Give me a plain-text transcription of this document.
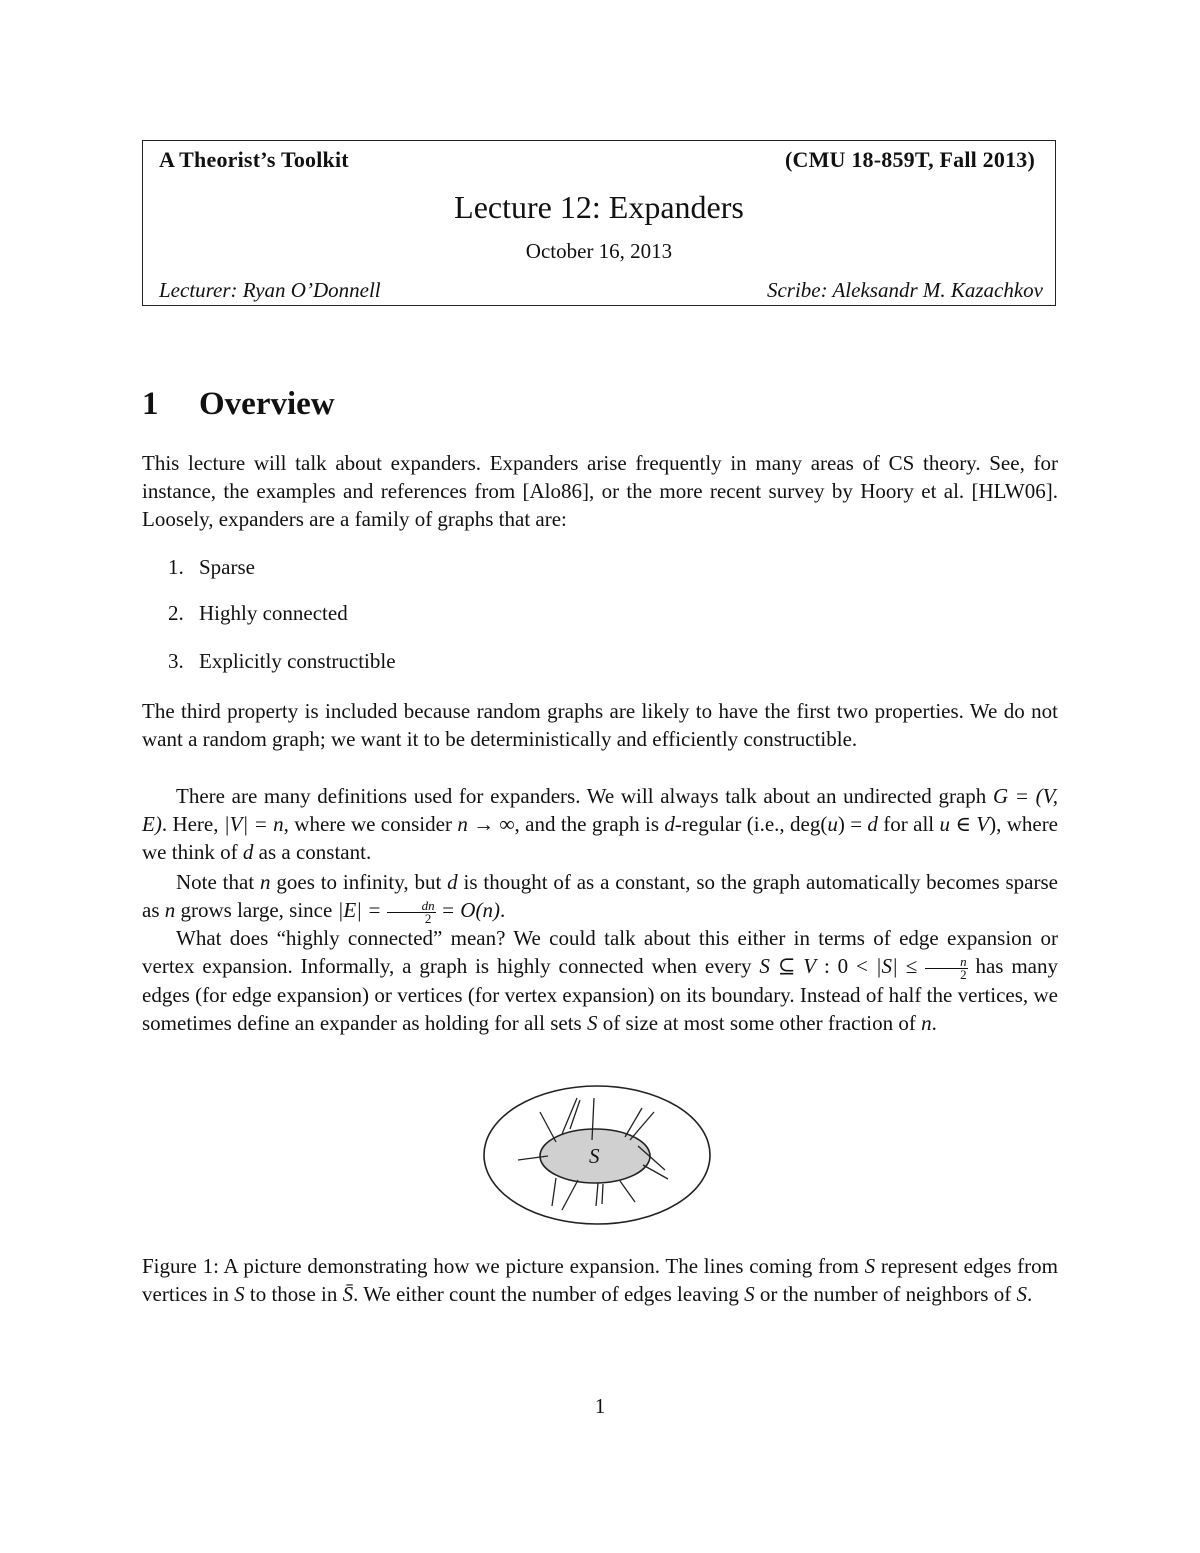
A Theorist’s Toolkit	(CMU 18-859T, Fall 2013)
Lecture 12: Expanders
October 16, 2013
Lecturer: Ryan O’Donnell	Scribe: Aleksandr M. Kazachkov
1 Overview
This lecture will talk about expanders. Expanders arise frequently in many areas of CS theory. See, for instance, the examples and references from [Alo86], or the more recent survey by Hoory et al. [HLW06]. Loosely, expanders are a family of graphs that are:
1. Sparse
2. Highly connected
3. Explicitly constructible
The third property is included because random graphs are likely to have the first two properties. We do not want a random graph; we want it to be deterministically and efficiently constructible.
There are many definitions used for expanders. We will always talk about an undirected graph G = (V, E). Here, |V| = n, where we consider n → ∞, and the graph is d-regular (i.e., deg(u) = d for all u ∈ V), where we think of d as a constant.
Note that n goes to infinity, but d is thought of as a constant, so the graph automatically becomes sparse as n grows large, since $|E| = \frac{dn}{2} = O(n)$.
What does “highly connected” mean? We could talk about this either in terms of edge expansion or vertex expansion. Informally, a graph is highly connected when every S ⊆ V : $0 < |S| \le \frac{n}{2}$ has many edges (for edge expansion) or vertices (for vertex expansion) on its boundary. Instead of half the vertices, we sometimes define an expander as holding for all sets S of size at most some other fraction of n.
S
Figure 1: A picture demonstrating how we picture expansion. The lines coming from S represent edges from vertices in S to those in S̄. We either count the number of edges leaving S or the number of neighbors of S.
1
